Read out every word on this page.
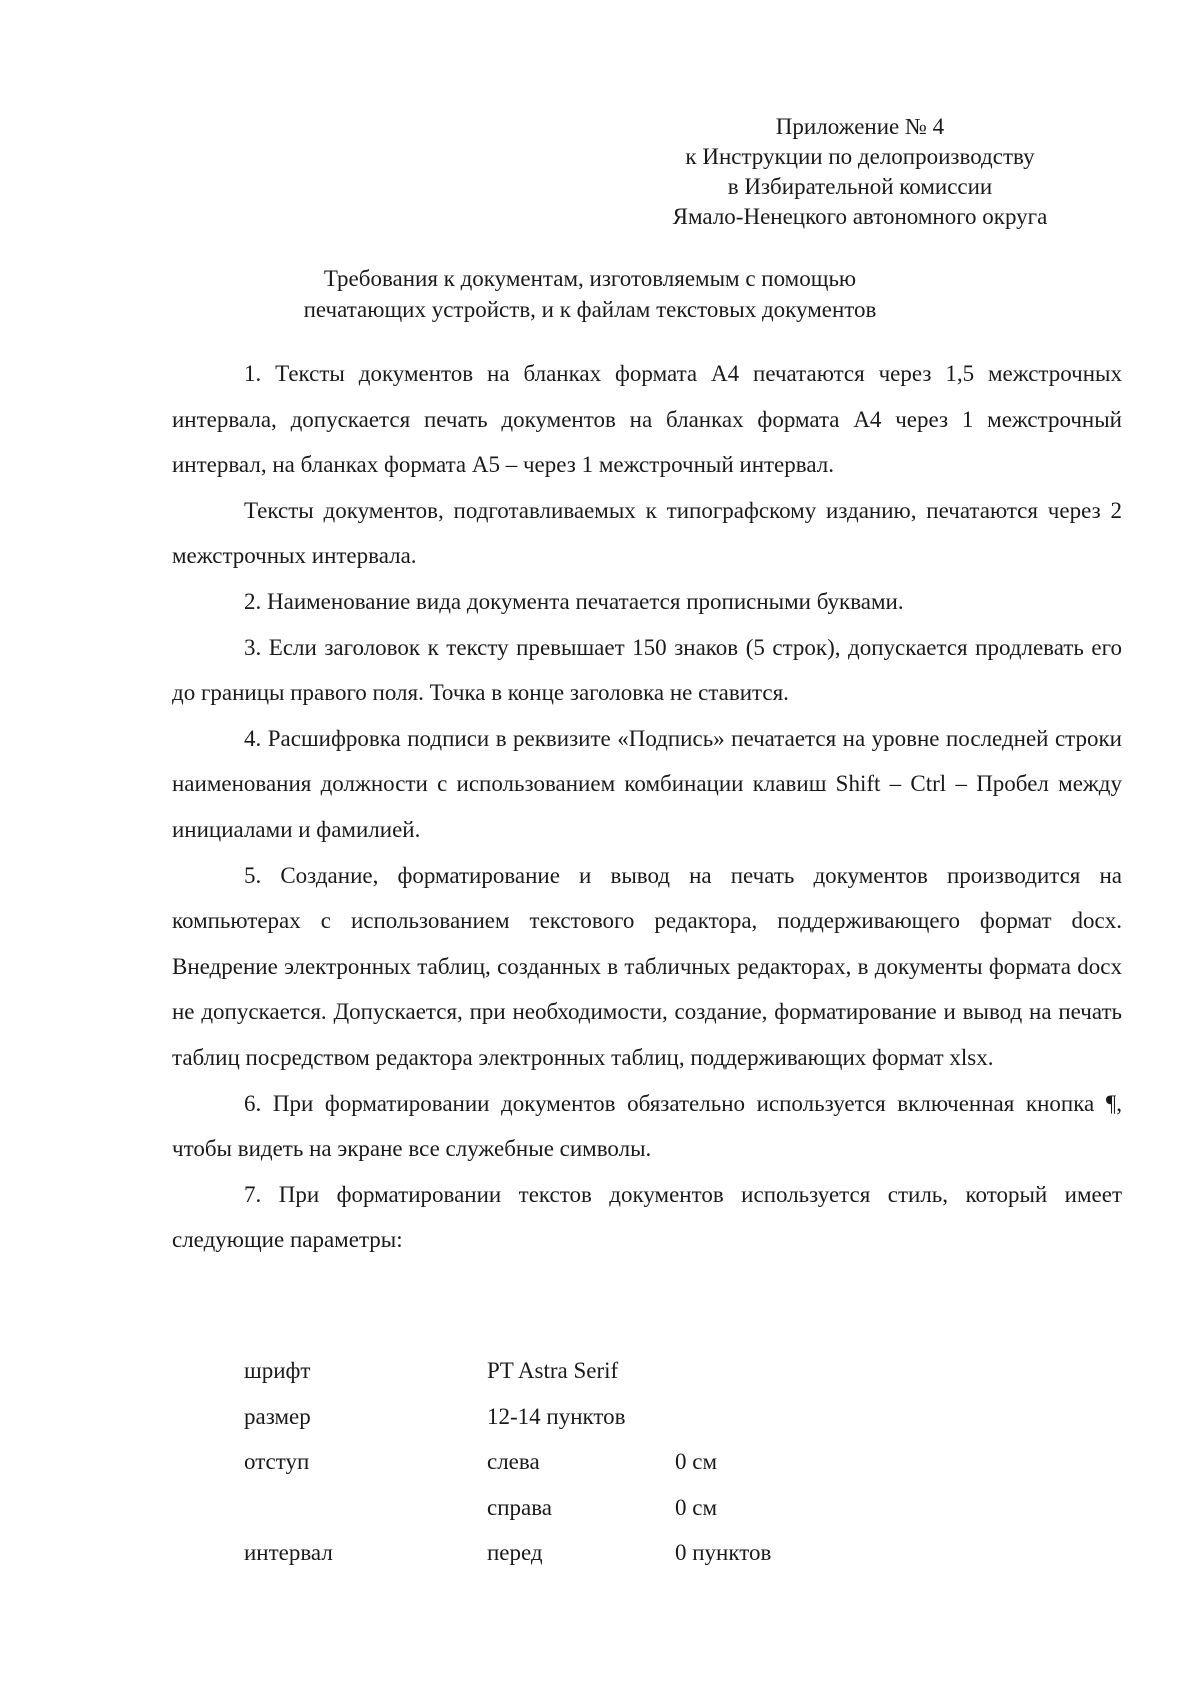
Приложение № 4
к Инструкции по делопроизводству
в Избирательной комиссии
Ямало-Ненецкого автономного округа
Требования к документам, изготовляемым с помощью
печатающих устройств, и к файлам текстовых документов

1. Тексты документов на бланках формата А4 печатаются через 1,5 межстрочных интервала, допускается печать документов на бланках формата А4 через 1 межстрочный интервал, на бланках формата А5 – через 1 межстрочный интервал.

Тексты документов, подготавливаемых к типографскому изданию, печатаются через 2 межстрочных интервала.

2. Наименование вида документа печатается прописными буквами.

3. Если заголовок к тексту превышает 150 знаков (5 строк), допускается продлевать его до границы правого поля. Точка в конце заголовка не ставится.

4. Расшифровка подписи в реквизите «Подпись» печатается на уровне последней строки наименования должности с использованием комбинации клавиш Shift – Ctrl – Пробел между инициалами и фамилией.

5. Создание, форматирование и вывод на печать документов производится на компьютерах с использованием текстового редактора, поддерживающего формат docx. Внедрение электронных таблиц, созданных в табличных редакторах, в документы формата docx не допускается. Допускается, при необходимости, создание, форматирование и вывод на печать таблиц посредством редактора электронных таблиц, поддерживающих формат xlsx.

6. При форматировании документов обязательно используется включенная кнопка ¶, чтобы видеть на экране все служебные символы.

7. При форматировании текстов документов используется стиль, который имеет следующие параметры:

шрифт	PT Astra Serif	
размер	12-14 пунктов	
отступ	слева	0 см
	справа	0 см
интервал	перед	0 пунктов
